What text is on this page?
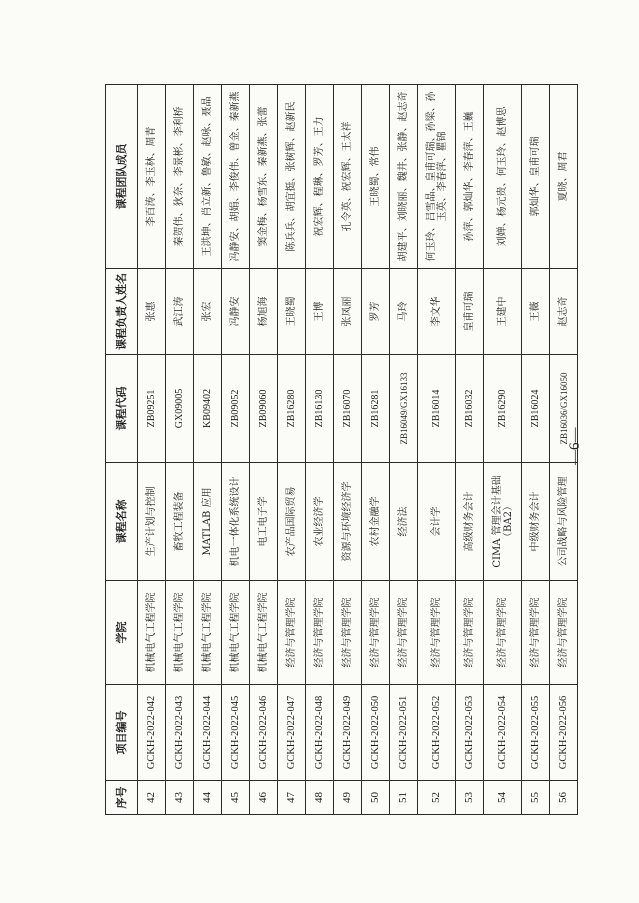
序号	项目编号	学院	课程名称	课程代码	课程负责人姓名	课程团队成员
42	GCKH-2022-042	机械电气工程学院	生产计划与控制	ZB09251	张惠	李百涛、李玉林、周青
43	GCKH-2022-043	机械电气工程学院	畜牧工程装备	GX09005	武江涛	秦贺伟、狄奈、李景彬、李利桥
44	GCKH-2022-044	机械电气工程学院	MATLAB 应用	KB09402	张宏	王洪坤、肖立新、鲁敏、赵咏、聂晶
45	GCKH-2022-045	机械电气工程学院	机电一体化系统设计	ZB09052	冯静安	冯静安、胡娟、李俊伟、曾金、秦新燕
46	GCKH-2022-046	机械电气工程学院	电工电子学	ZB09060	杨旭海	窦金梅、杨雪东、秦新燕、张蕾
47	GCKH-2022-047	经济与管理学院	农产品国际贸易	ZB16280	王晓蜀	陈兵兵、胡宜挺、张树辉、赵新民
48	GCKH-2022-048	经济与管理学院	农业经济学	ZB16130	王博	祝宏辉、程琳、罗芳、王力
49	GCKH-2022-049	经济与管理学院	资源与环境经济学	ZB16070	张凤丽	孔令英、祝宏辉、王太祥
50	GCKH-2022-050	经济与管理学院	农村金融学	ZB16281	罗芳	王晓蜀、常伟
51	GCKH-2022-051	经济与管理学院	经济法	ZB16049/GX16133	马玲	胡建平、刘晓丽、魏井、张静、赵志奇
52	GCKH-2022-052	经济与管理学院	会计学	ZB16014	李文华	何玉玲、吕雪晶、皇甫可瑞、孙梁、孙玉英、李春萍、瞿锦
53	GCKH-2022-053	经济与管理学院	高级财务会计	ZB16032	皇甫可瑞	孙萍、郭灿华、李春萍、王巍
54	GCKH-2022-054	经济与管理学院	CIMA 管理会计基础 （BA2）	ZB16290	王建中	刘婵、杨元贵、何玉玲、赵博思
55	GCKH-2022-055	经济与管理学院	中级财务会计	ZB16024	王薇	郭灿华、皇甫可瑞
56	GCKH-2022-056	经济与管理学院	公司战略与风险管理	ZB16036/GX16050	赵志奇	夏晓、周君
—6—
